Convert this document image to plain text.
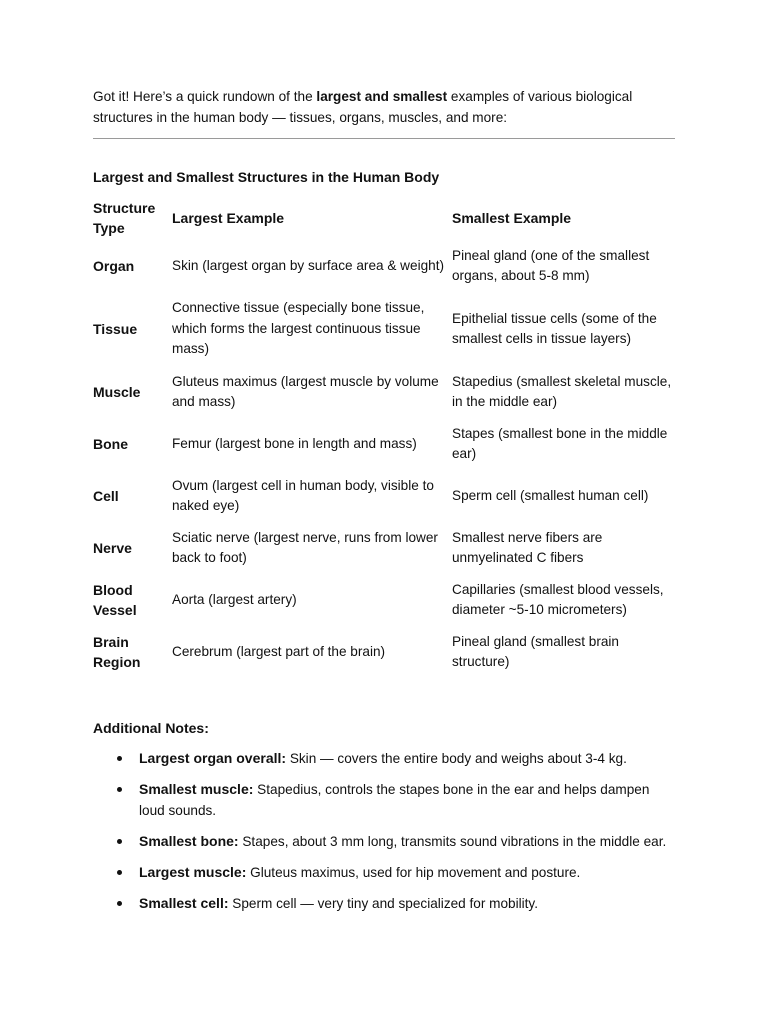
Got it! Here’s a quick rundown of the largest and smallest examples of various biological structures in the human body — tissues, organs, muscles, and more:

Largest and Smallest Structures in the Human Body
Structure Type	Largest Example	Smallest Example
Organ	Skin (largest organ by surface area & weight)	Pineal gland (one of the smallest organs, about 5-8 mm)
Tissue	Connective tissue (especially bone tissue, which forms the largest continuous tissue mass)	Epithelial tissue cells (some of the smallest cells in tissue layers)
Muscle	Gluteus maximus (largest muscle by volume and mass)	Stapedius (smallest skeletal muscle, in the middle ear)
Bone	Femur (largest bone in length and mass)	Stapes (smallest bone in the middle ear)
Cell	Ovum (largest cell in human body, visible to naked eye)	Sperm cell (smallest human cell)
Nerve	Sciatic nerve (largest nerve, runs from lower back to foot)	Smallest nerve fibers are unmyelinated C fibers
Blood Vessel	Aorta (largest artery)	Capillaries (smallest blood vessels, diameter ~5-10 micrometers)
Brain Region	Cerebrum (largest part of the brain)	Pineal gland (smallest brain structure)
Additional Notes:
Largest organ overall: Skin — covers the entire body and weighs about 3-4 kg.
Smallest muscle: Stapedius, controls the stapes bone in the ear and helps dampen loud sounds.
Smallest bone: Stapes, about 3 mm long, transmits sound vibrations in the middle ear.
Largest muscle: Gluteus maximus, used for hip movement and posture.
Smallest cell: Sperm cell — very tiny and specialized for mobility.
